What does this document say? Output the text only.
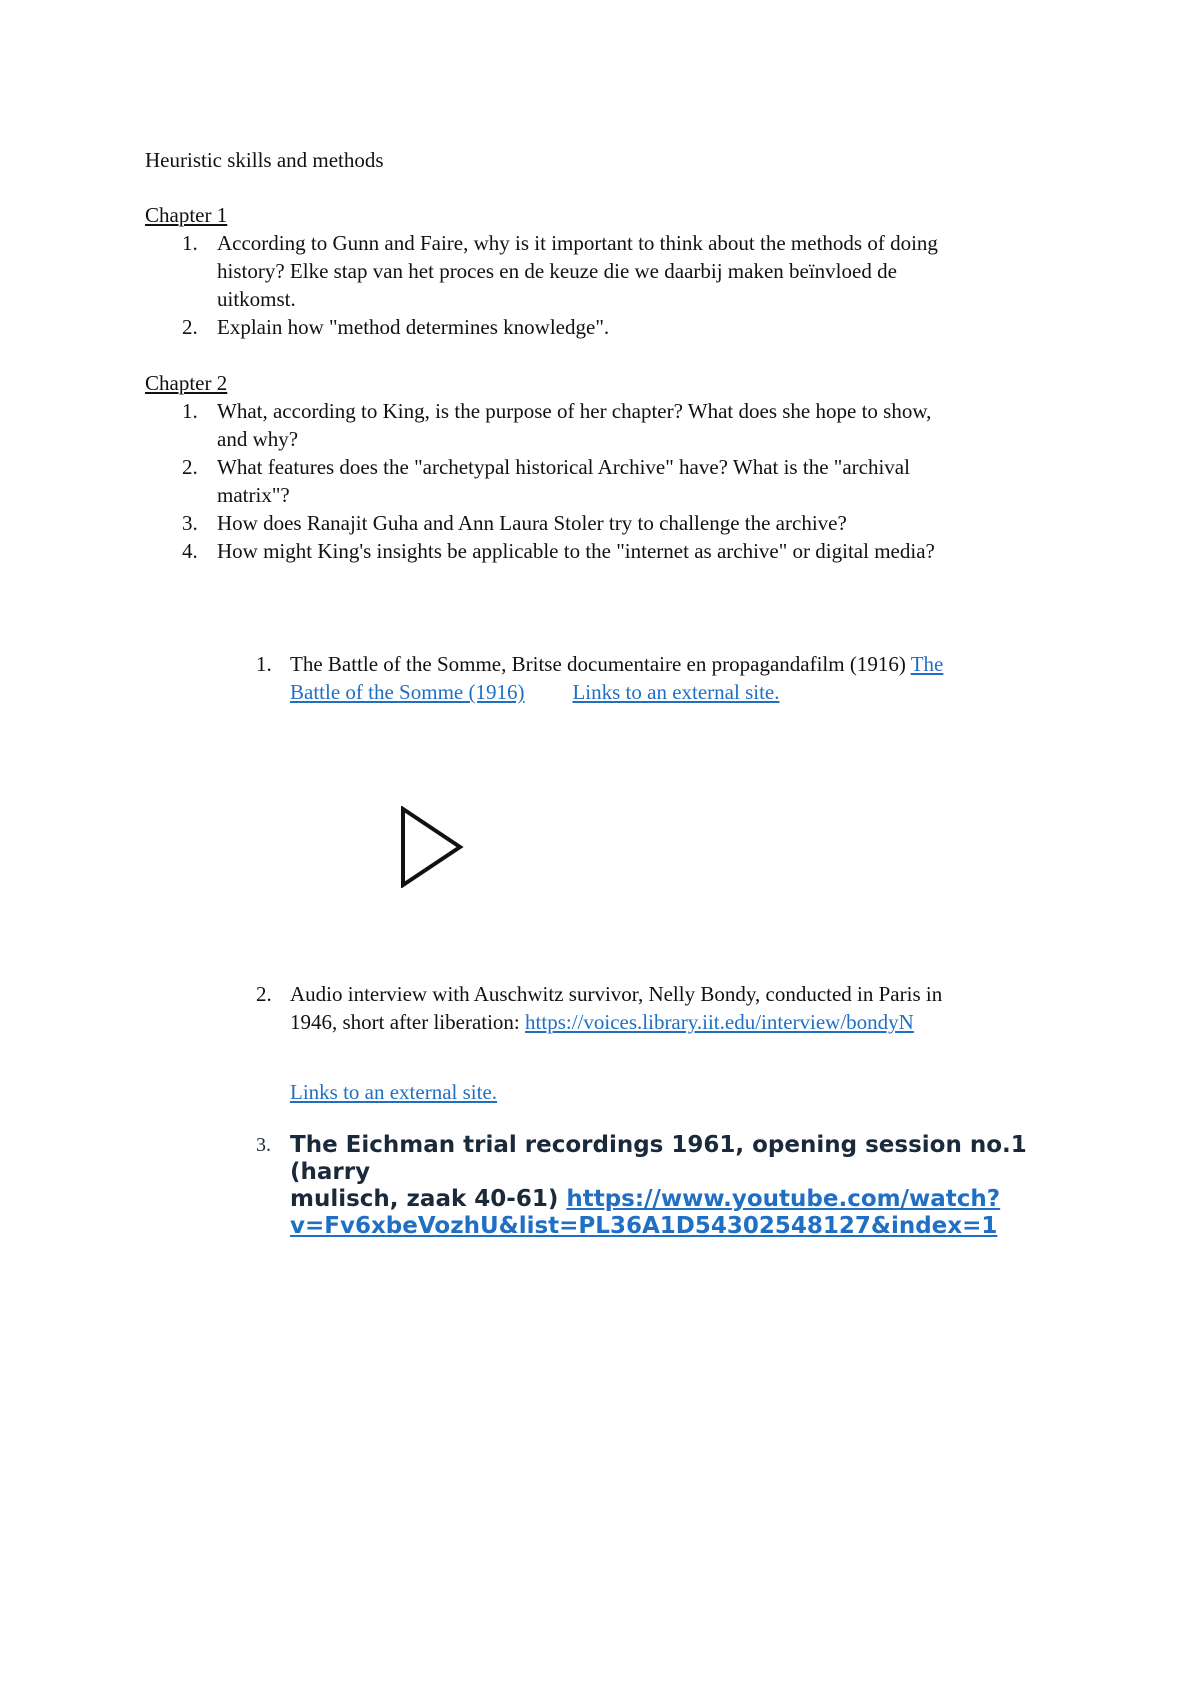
Heuristic skills and methods
Chapter 1
1. According to Gunn and Faire, why is it important to think about the methods of doing
history? Elke stap van het proces en de keuze die we daarbij maken beïnvloed de
uitkomst.
2. Explain how "method determines knowledge".
Chapter 2
1. What, according to King, is the purpose of her chapter? What does she hope to show,
and why?
2. What features does the "archetypal historical Archive" have? What is the "archival
matrix"?
3. How does Ranajit Guha and Ann Laura Stoler try to challenge the archive?
4. How might King's insights be applicable to the "internet as archive" or digital media?
1. The Battle of the Somme, Britse documentaire en propagandafilm (1916) The
Battle of the Somme (1916) Links to an external site.
2. Audio interview with Auschwitz survivor, Nelly Bondy, conducted in Paris in
1946, short after liberation: https://voices.library.iit.edu/interview/bondyN
Links to an external site.
3. The Eichman trial recordings 1961, opening session no.1 (harry
mulisch, zaak 40-61) https://www.youtube.com/watch?
v=Fv6xbeVozhU&list=PL36A1D54302548127&index=1
